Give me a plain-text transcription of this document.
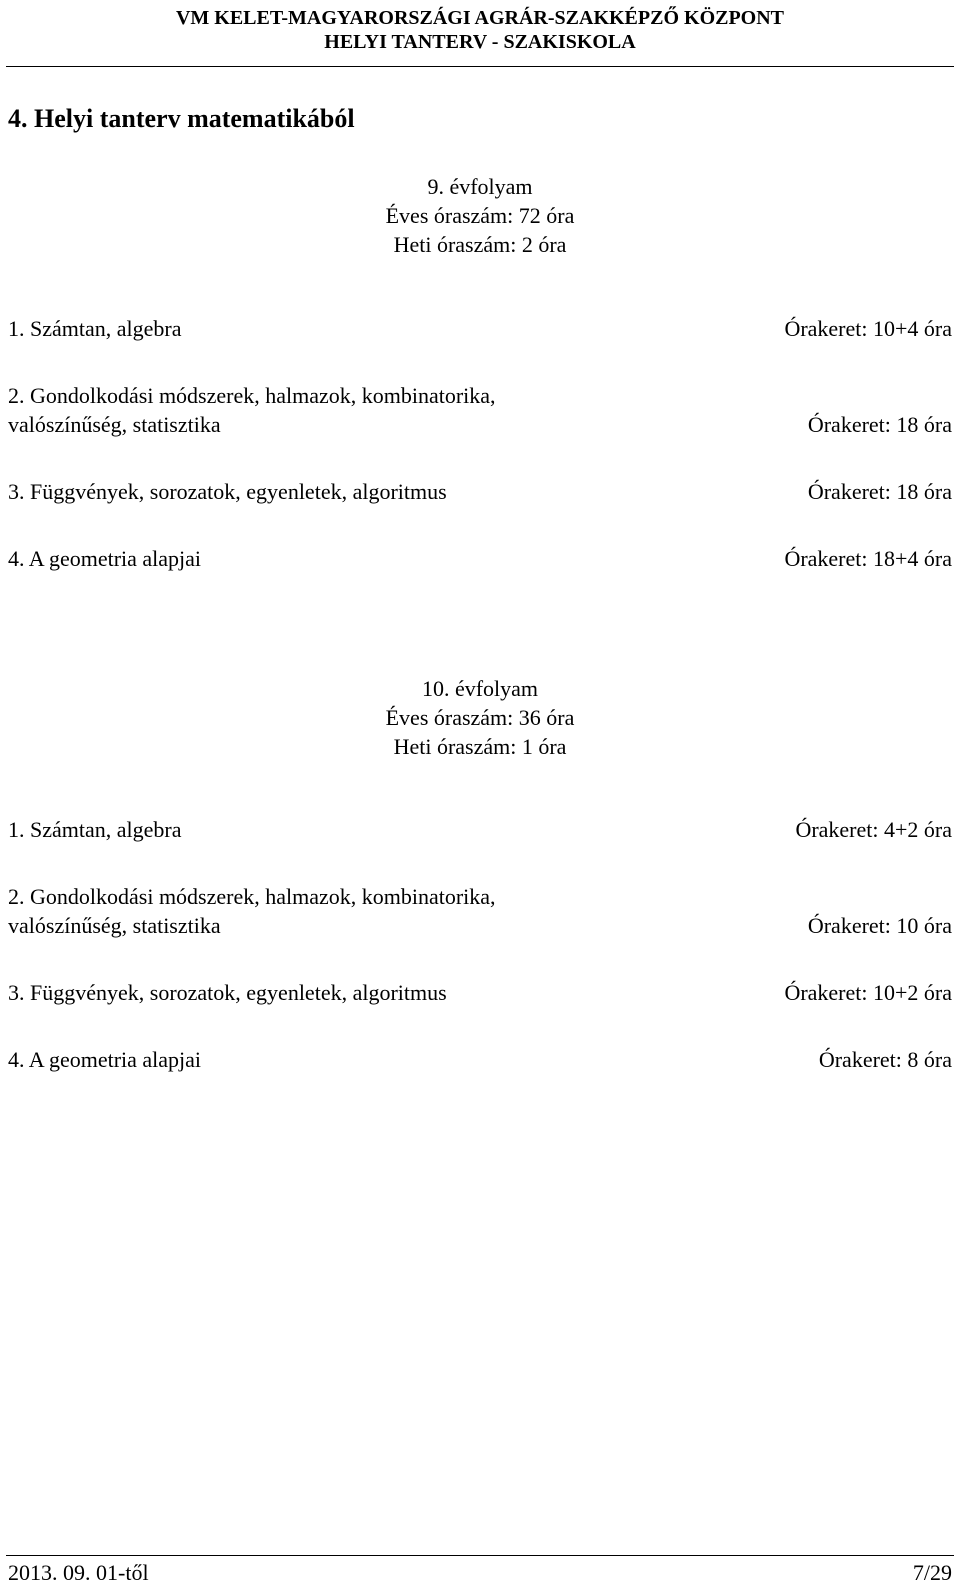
VM KELET-MAGYARORSZÁGI AGRÁR-SZAKKÉPZŐ KÖZPONT
HELYI TANTERV - SZAKISKOLA
4. Helyi tanterv matematikából
9. évfolyam
Éves óraszám: 72 óra
Heti óraszám: 2 óra
1. Számtan, algebra	Órakeret: 10+4 óra
2. Gondolkodási módszerek, halmazok, kombinatorika,
valószínűség, statisztika	Órakeret: 18 óra
3. Függvények, sorozatok, egyenletek, algoritmus	Órakeret: 18 óra
4. A geometria alapjai	Órakeret: 18+4 óra
10. évfolyam
Éves óraszám: 36 óra
Heti óraszám: 1 óra
1. Számtan, algebra	Órakeret: 4+2 óra
2. Gondolkodási módszerek, halmazok, kombinatorika,
valószínűség, statisztika	Órakeret: 10 óra
3. Függvények, sorozatok, egyenletek, algoritmus	Órakeret: 10+2 óra
4. A geometria alapjai	Órakeret: 8 óra
2013. 09. 01-től	7/29
